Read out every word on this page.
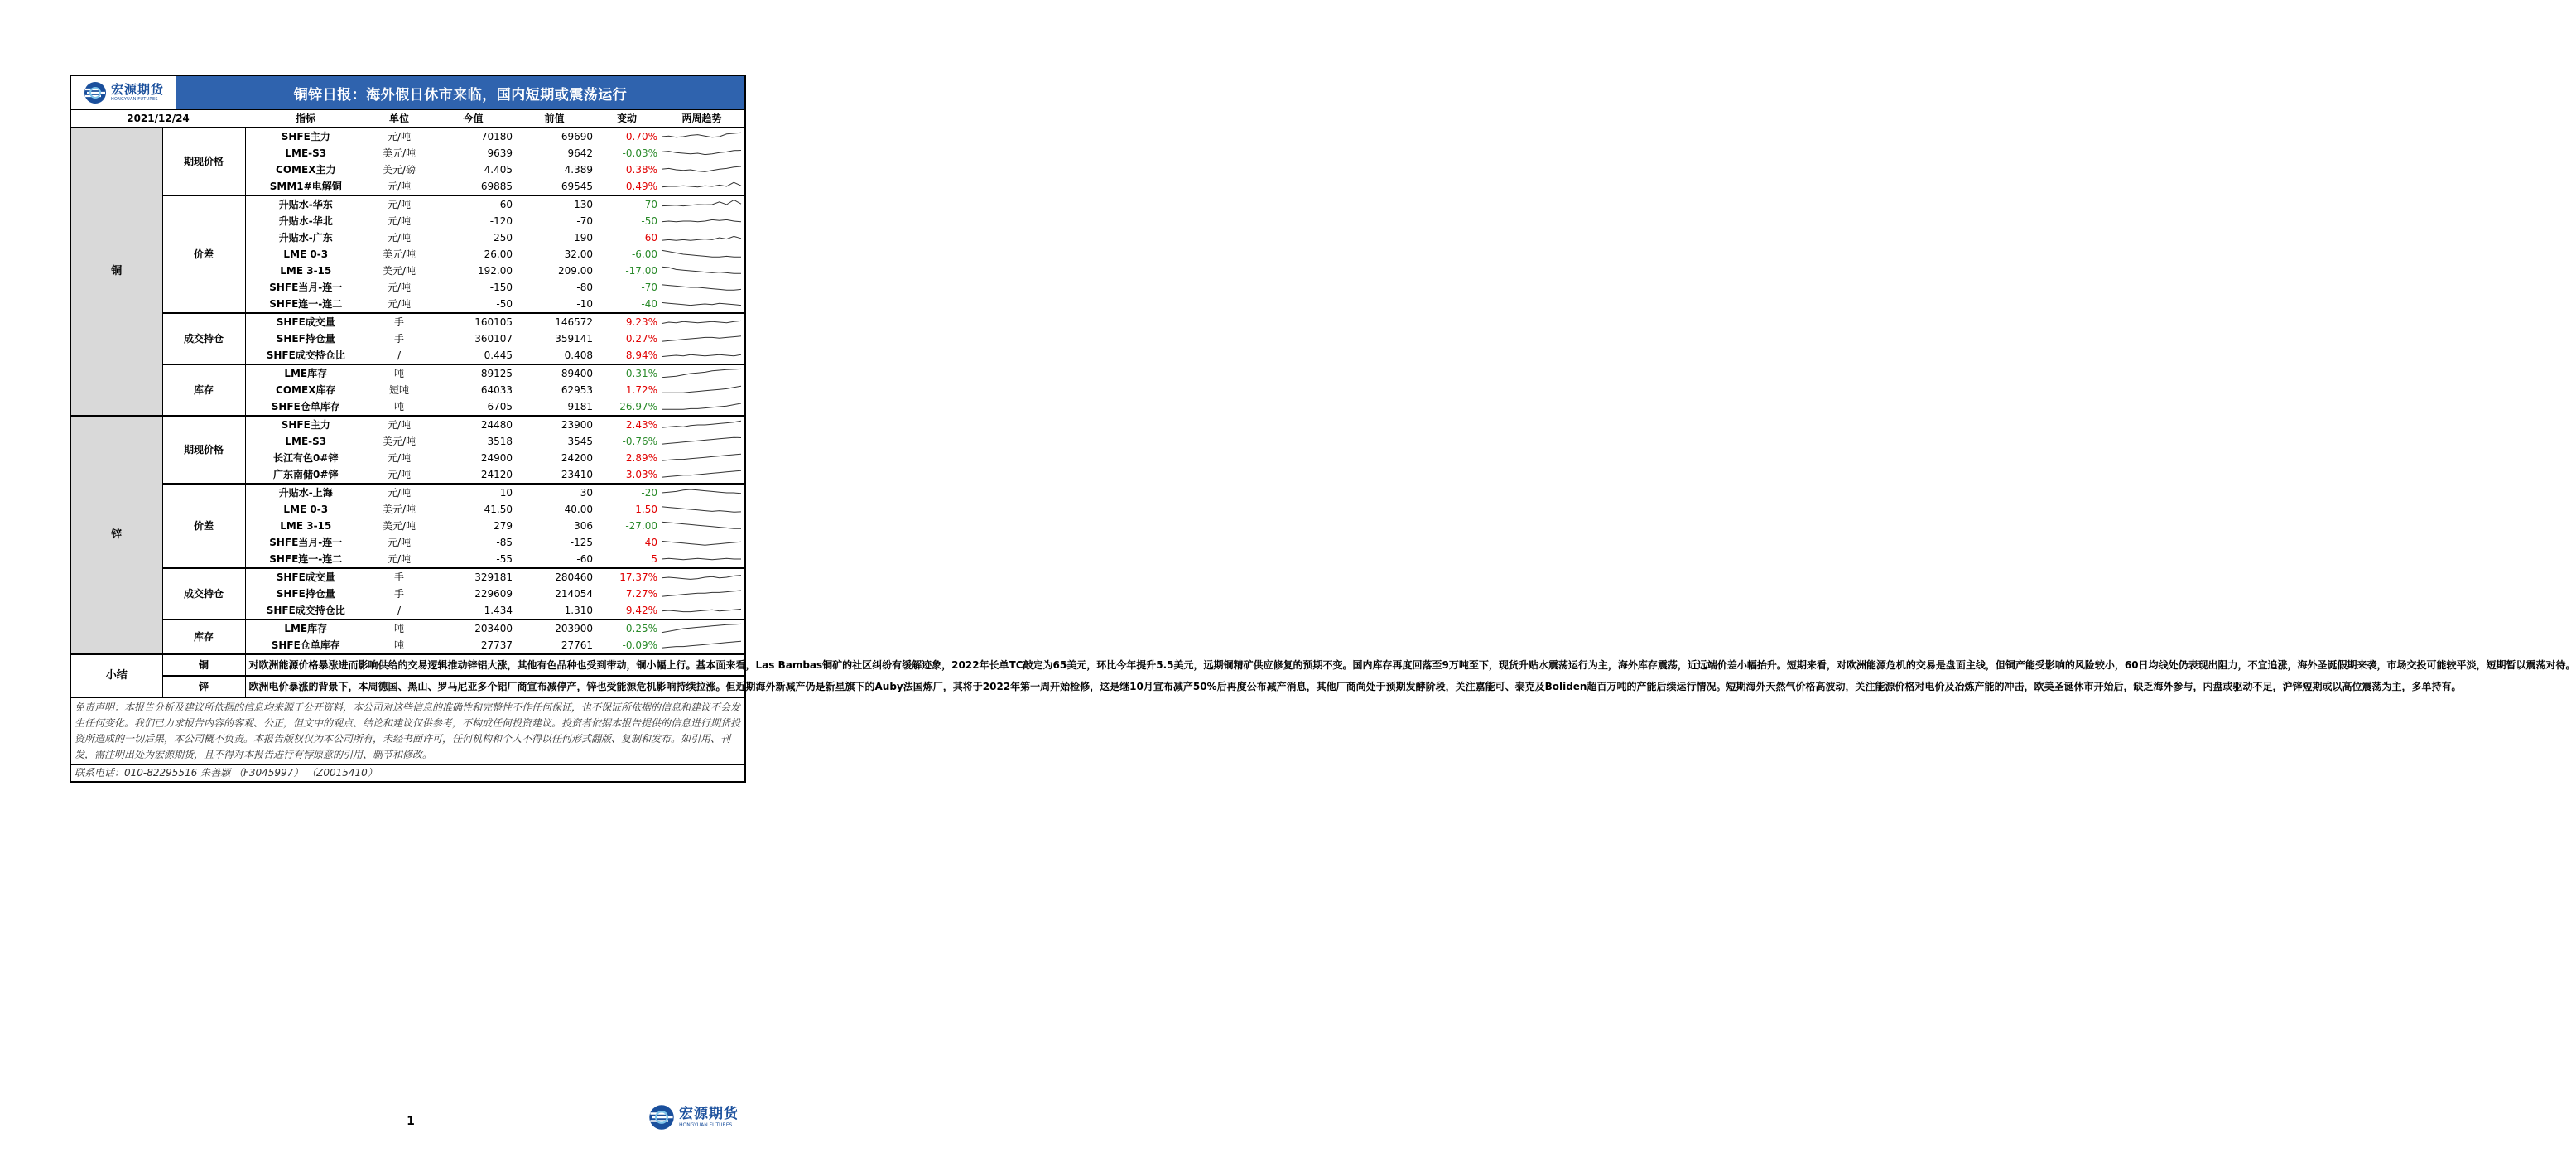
宏源期货
HONGYUAN FUTURES	铜锌日报：海外假日休市来临，国内短期或震荡运行
2021/12/24		指标	单位	今值	前值	变动	两周趋势
铜	期现价格	SHFE主力	元/吨	70180	69690	0.70%	

		LME-S3	美元/吨	9639	9642	-0.03%	

		COMEX主力	美元/磅	4.405	4.389	0.38%	

		SMM1#电解铜	元/吨	69885	69545	0.49%	

	价差	升贴水-华东	元/吨	60	130	-70	

		升贴水-华北	元/吨	-120	-70	-50	

		升贴水-广东	元/吨	250	190	60	

		LME 0-3	美元/吨	26.00	32.00	-6.00	

		LME 3-15	美元/吨	192.00	209.00	-17.00	

		SHFE当月-连一	元/吨	-150	-80	-70	

		SHFE连一-连二	元/吨	-50	-10	-40	

	成交持仓	SHFE成交量	手	160105	146572	9.23%	

		SHEF持仓量	手	360107	359141	0.27%	

		SHFE成交持仓比	/	0.445	0.408	8.94%	

	库存	LME库存	吨	89125	89400	-0.31%	

		COMEX库存	短吨	64033	62953	1.72%	

		SHFE仓单库存	吨	6705	9181	-26.97%	

锌	期现价格	SHFE主力	元/吨	24480	23900	2.43%	

		LME-S3	美元/吨	3518	3545	-0.76%	

		长江有色0#锌	元/吨	24900	24200	2.89%	

		广东南储0#锌	元/吨	24120	23410	3.03%	

	价差	升贴水-上海	元/吨	10	30	-20	

		LME 0-3	美元/吨	41.50	40.00	1.50	

		LME 3-15	美元/吨	279	306	-27.00	

		SHFE当月-连一	元/吨	-85	-125	40	

		SHFE连一-连二	元/吨	-55	-60	5	

	成交持仓	SHFE成交量	手	329181	280460	17.37%	

		SHFE持仓量	手	229609	214054	7.27%	

		SHFE成交持仓比	/	1.434	1.310	9.42%	

	库存	LME库存	吨	203400	203900	-0.25%	

		SHFE仓单库存	吨	27737	27761	-0.09%	

小结	铜	对欧洲能源价格暴涨进而影响供给的交易逻辑推动锌铝大涨，其他有色品种也受到带动，铜小幅上行。基本面来看，Las Bambas铜矿的社区纠纷有缓解迹象，2022年长单TC敲定为65美元，环比今年提升5.5美元，远期铜精矿供应修复的预期不变。国内库存再度回落至9万吨至下，现货升贴水震荡运行为主，海外库存震荡，近远端价差小幅抬升。短期来看，对欧洲能源危机的交易是盘面主线，但铜产能受影响的风险较小，60日均线处仍表现出阻力，不宜追涨，海外圣诞假期来袭，市场交投可能较平淡，短期暂以震荡对待。					
	锌	欧洲电价暴涨的背景下，本周德国、黑山、罗马尼亚多个铝厂商宣布减停产，锌也受能源危机影响持续拉涨。但近期海外新减产仍是新星旗下的Auby法国炼厂，其将于2022年第一周开始检修，这是继10月宣布减产50%后再度公布减产消息，其他厂商尚处于预期发酵阶段，关注嘉能可、泰克及Boliden超百万吨的产能后续运行情况。短期海外天然气价格高波动，关注能源价格对电价及冶炼产能的冲击，欧美圣诞休市开始后，缺乏海外参与，内盘或驱动不足，沪锌短期或以高位震荡为主，多单持有。					
免责声明：本报告分析及建议所依据的信息均来源于公开资料，本公司对这些信息的准确性和完整性不作任何保证，也不保证所依据的信息和建议不会发生任何变化。我们已力求报告内容的客观、公正，但文中的观点、结论和建议仅供参考，不构成任何投资建议。投资者依据本报告提供的信息进行期货投资所造成的一切后果，本公司概不负责。本报告版权仅为本公司所有，未经书面许可，任何机构和个人不得以任何形式翻版、复制和发布。如引用、刊发，需注明出处为宏源期货，且不得对本报告进行有悖原意的引用、删节和修改。
联系电话：010-82295516 朱善颖 （F3045997） （Z0015410）
1	宏源期货
HONGYUAN FUTURES
